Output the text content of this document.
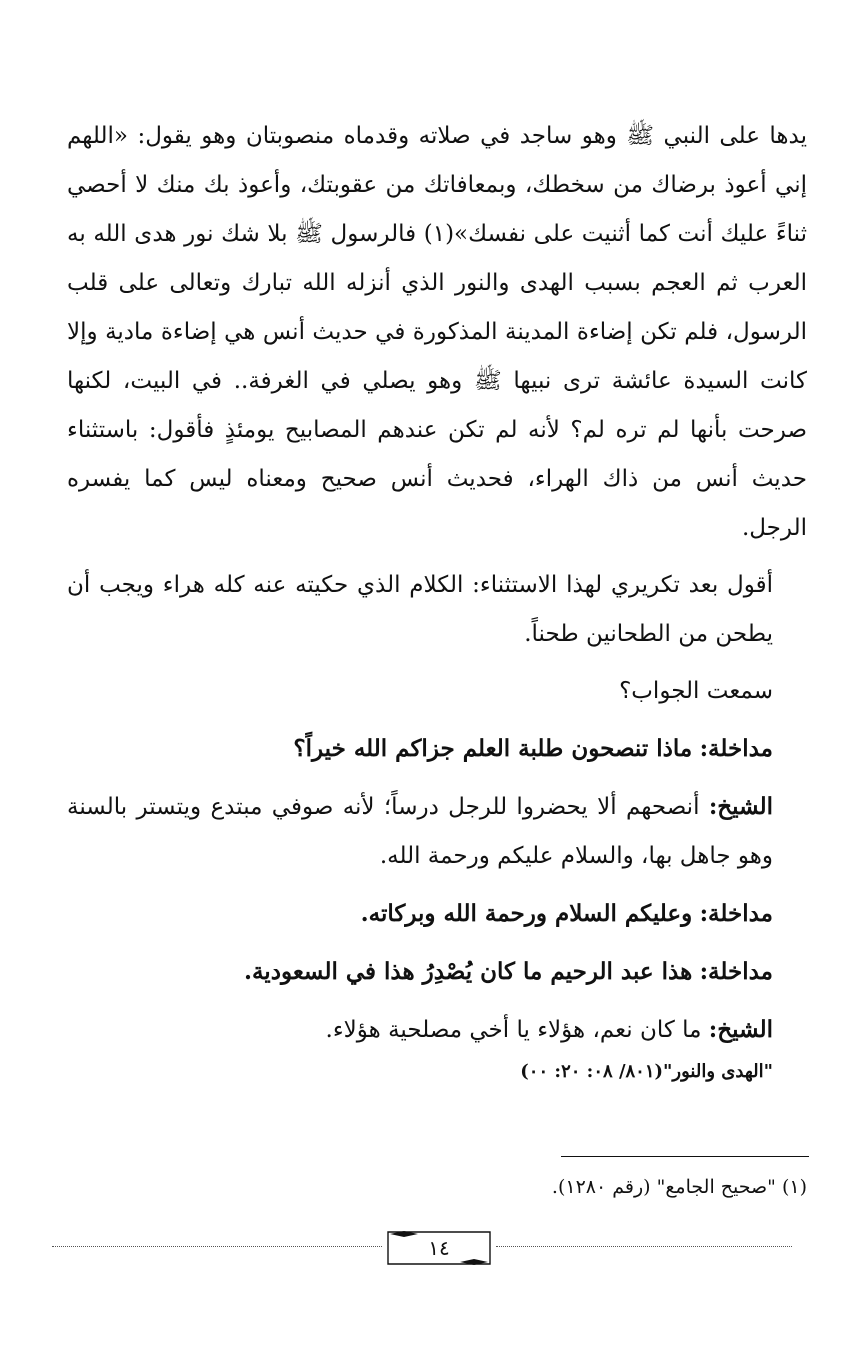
يدها على النبي ﷺ وهو ساجد في صلاته وقدماه منصوبتان وهو يقول: «اللهم إني أعوذ برضاك من سخطك، وبمعافاتك من عقوبتك، وأعوذ بك منك لا أحصي ثناءً عليك أنت كما أثنيت على نفسك»(١) فالرسول ﷺ بلا شك نور هدى الله به العرب ثم العجم بسبب الهدى والنور الذي أنزله الله تبارك وتعالى على قلب الرسول، فلم تكن إضاءة المدينة المذكورة في حديث أنس هي إضاءة مادية وإلا كانت السيدة عائشة ترى نبيها ﷺ وهو يصلي في الغرفة.. في البيت، لكنها صرحت بأنها لم تره لم؟ لأنه لم تكن عندهم المصابيح يومئذٍ فأقول: باستثناء حديث أنس من ذاك الهراء، فحديث أنس صحيح ومعناه ليس كما يفسره الرجل.

أقول بعد تكريري لهذا الاستثناء: الكلام الذي حكيته عنه كله هراء ويجب أن يطحن من الطحانين طحناً.

سمعت الجواب؟

مداخلة: ماذا تنصحون طلبة العلم جزاكم الله خيراً؟

الشيخ: أنصحهم ألا يحضروا للرجل درساً؛ لأنه صوفي مبتدع ويتستر بالسنة وهو جاهل بها، والسلام عليكم ورحمة الله.

مداخلة: وعليكم السلام ورحمة الله وبركاته.

مداخلة: هذا عبد الرحيم ما كان يُصْدِرُ هذا في السعودية.

الشيخ: ما كان نعم، هؤلاء يا أخي مصلحية هؤلاء.

"الهدى والنور"(٨٠١/ ٠٨: ٢٠: ٠٠)
(١) "صحيح الجامع" (رقم ١٢٨٠).
١٤
